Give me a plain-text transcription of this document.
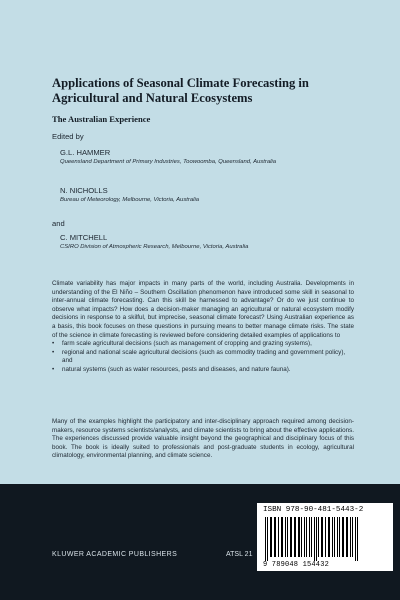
Applications of Seasonal Climate Forecasting in Agricultural and Natural Ecosystems
The Australian Experience
Edited by
G.L. HAMMER
Queensland Department of Primary Industries, Toowoomba, Queensland, Australia
N. NICHOLLS
Bureau of Meteorology, Melbourne, Victoria, Australia
and
C. MITCHELL
CSIRO Division of Atmospheric Research, Melbourne, Victoria, Australia

Climate variability has major impacts in many parts of the world, including Australia. Developments in understanding of the El Niño – Southern Oscillation phenomenon have introduced some skill in seasonal to inter-annual climate forecasting. Can this skill be harnessed to advantage? Or do we just continue to observe what impacts? How does a decision-maker managing an agricultural or natural ecosystem modify decisions in response to a skilful, but imprecise, seasonal climate forecast? Using Australian experience as a basis, this book focuses on these questions in pursuing means to better manage climate risks. The state of the science in climate forecasting is reviewed before considering detailed examples of applications to

• farm scale agricultural decisions (such as management of cropping and grazing systems),
• regional and national scale agricultural decisions (such as commodity trading and government policy), and
• natural systems (such as water resources, pests and diseases, and nature fauna).

Many of the examples highlight the participatory and inter-disciplinary approach required among decision-makers, resource systems scientists/analysts, and climate scientists to bring about the effective applications. The experiences discussed provide valuable insight beyond the geographical and disciplinary focus of this book. The book is ideally suited to professionals and post-graduate students in ecology, agricultural climatology, environmental planning, and climate science.

KLUWER ACADEMIC PUBLISHERS	ATSL 21
ISBN 978-90-481-5443-2
9 789048 154432
